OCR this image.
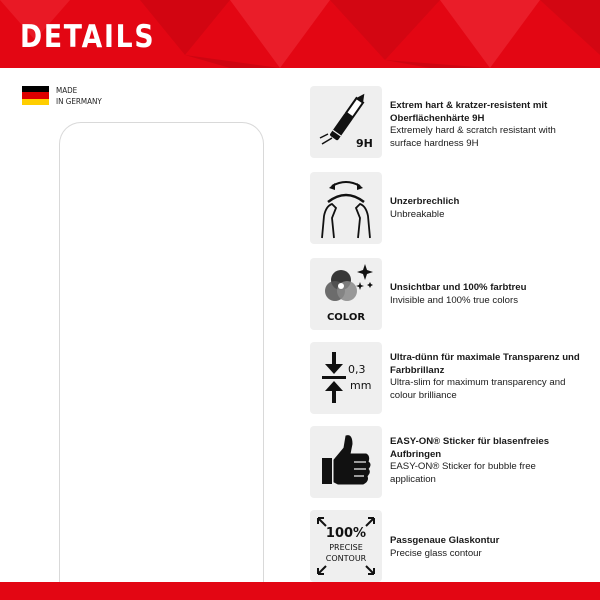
DETAILS
MADE
IN GERMANY
9H
Extrem hart & kratzer-resistent mit Oberflächenhärte 9H
Extremely hard & scratch resistant with surface hardness 9H
Unzerbrechlich
Unbreakable
COLOR
Unsichtbar und 100% farbtreu
Invisible and 100% true colors
0,3
mm
Ultra-dünn für maximale Transparenz und Farbbrillanz
Ultra-slim for maximum transparency and colour brilliance
EASY-ON® Sticker für blasenfreies Aufbringen
EASY-ON® Sticker for bubble free application
100%
PRECISE
CONTOUR
Passgenaue Glaskontur
Precise glass contour
